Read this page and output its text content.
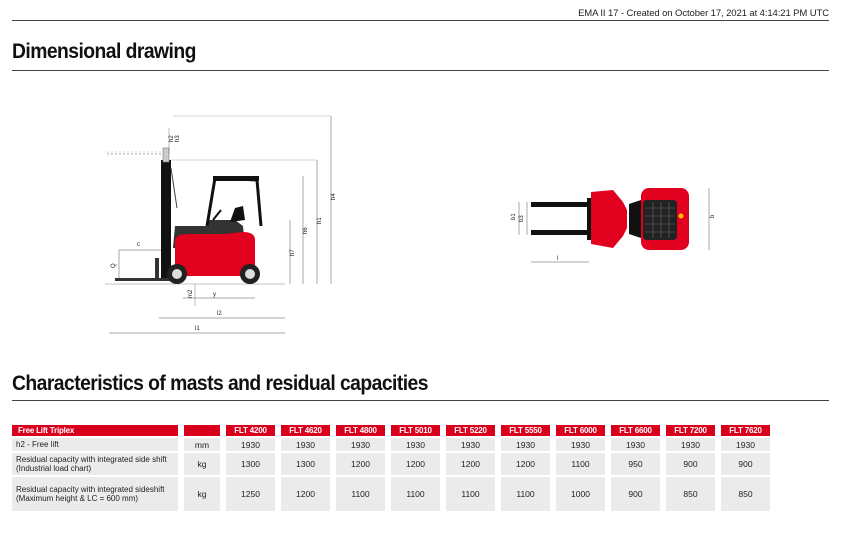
EMA II 17 - Created on October 17, 2021 at 4:14:21 PM UTC
Dimensional drawing
h4
h1
h6
h7
h2 h3
c
Q
m2	y
l2
l1
b1 b3	b
l
Characteristics of masts and residual capacities
Free Lift Triplex		FLT 4200	FLT 4620	FLT 4800	FLT 5010	FLT 5220	FLT 5550	FLT 6000	FLT 6600	FLT 7200	FLT 7620
h2 - Free lift	mm	1930	1930	1930	1930	1930	1930	1930	1930	1930	1930
Residual capacity with integrated side shift (Industrial load chart)	kg	1300	1300	1200	1200	1200	1200	1100	950	900	900
Residual capacity with integrated sideshift (Maximum height & LC = 600 mm)	kg	1250	1200	1100	1100	1100	1100	1000	900	850	850
